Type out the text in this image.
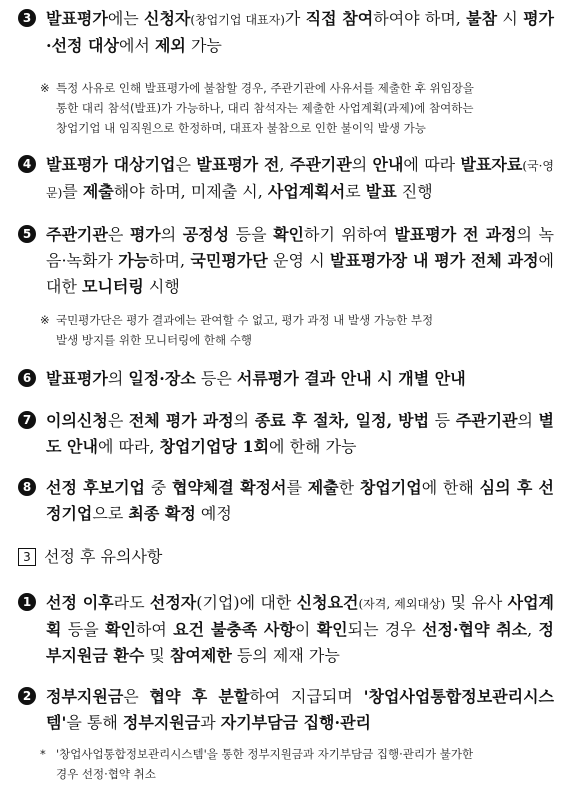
3 발표평가에는 신청자(창업기업 대표자)가 직접 참여하여야 하며, 불참 시 평가·선정 대상에서 제외 가능
※ 특정 사유로 인해 발표평가에 불참할 경우, 주관기관에 사유서를 제출한 후 위임장을
통한 대리 참석(발표)가 가능하나, 대리 참석자는 제출한 사업계획(과제)에 참여하는
창업기업 내 임직원으로 한정하며, 대표자 불참으로 인한 불이익 발생 가능
4 발표평가 대상기업은 발표평가 전, 주관기관의 안내에 따라 발표자료(국·영문)를 제출해야 하며, 미제출 시, 사업계획서로 발표 진행
5 주관기관은 평가의 공정성 등을 확인하기 위하여 발표평가 전 과정의 녹음·녹화가 가능하며, 국민평가단 운영 시 발표평가장 내 평가 전체 과정에 대한 모니터링 시행
※ 국민평가단은 평가 결과에는 관여할 수 없고, 평가 과정 내 발생 가능한 부정
발생 방지를 위한 모니터링에 한해 수행
6 발표평가의 일정·장소 등은 서류평가 결과 안내 시 개별 안내
7 이의신청은 전체 평가 과정의 종료 후 절차, 일정, 방법 등 주관기관의 별도 안내에 따라, 창업기업당 1회에 한해 가능
8 선정 후보기업 중 협약체결 확정서를 제출한 창업기업에 한해 심의 후 선정기업으로 최종 확정 예정
3 선정 후 유의사항
1 선정 이후라도 선정자(기업)에 대한 신청요건(자격, 제외대상) 및 유사 사업계획 등을 확인하여 요건 불충족 사항이 확인되는 경우 선정·협약 취소, 정부지원금 환수 및 참여제한 등의 제재 가능
2 정부지원금은 협약 후 분할하여 지급되며 '창업사업통합정보관리시스템'을 통해 정부지원금과 자기부담금 집행·관리
* '창업사업통합정보관리시스템'을 통한 정부지원금과 자기부담금 집행·관리가 불가한
경우 선정·협약 취소
